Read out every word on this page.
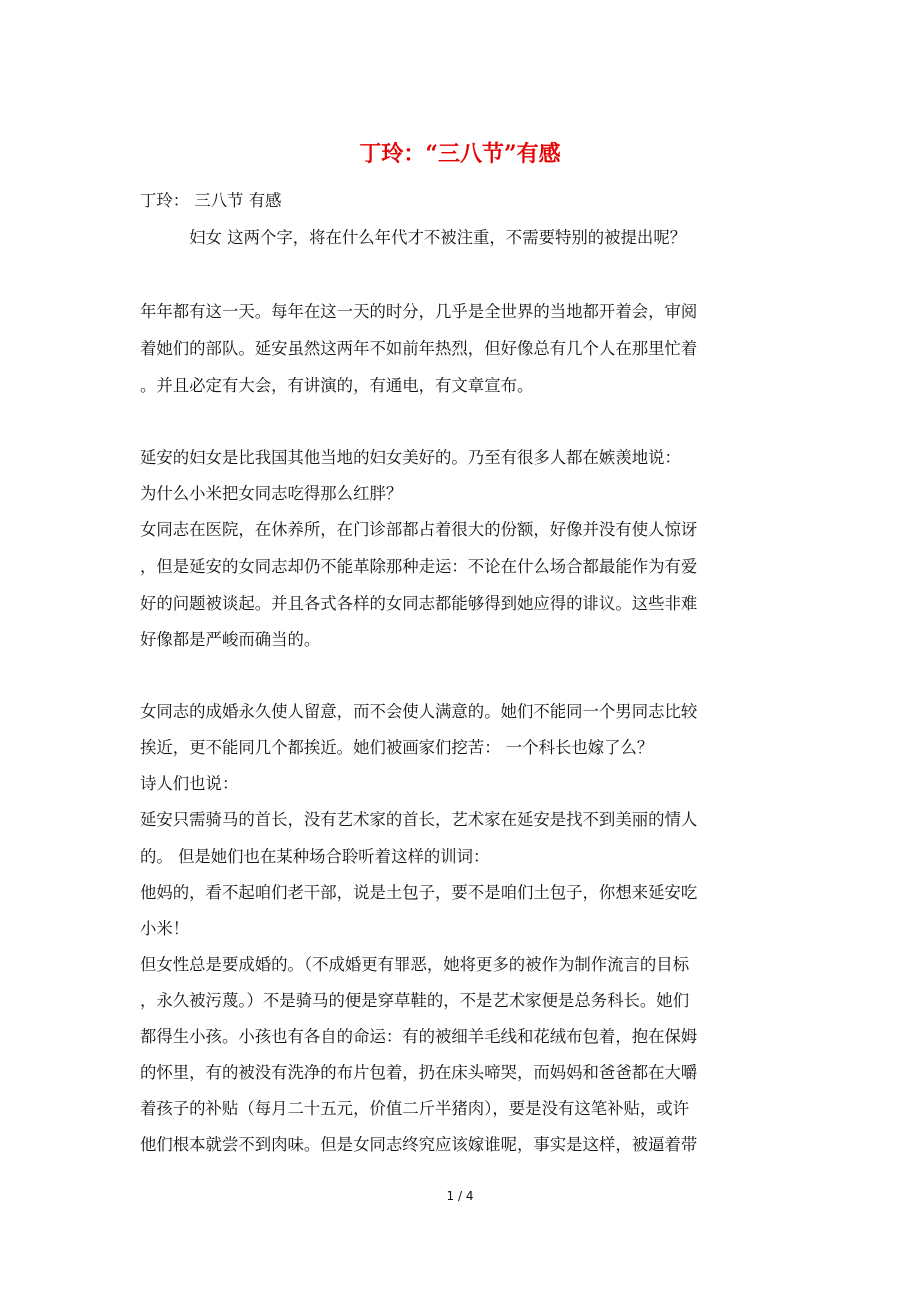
丁玲：“三八节”有感

丁玲： 三八节 有感

　　　妇女 这两个字，将在什么年代才不被注重，不需要特别的被提出呢？

年年都有这一天。每年在这一天的时分，几乎是全世界的当地都开着会，审阅

着她们的部队。延安虽然这两年不如前年热烈，但好像总有几个人在那里忙着

。并且必定有大会，有讲演的，有通电，有文章宣布。

延安的妇女是比我国其他当地的妇女美好的。乃至有很多人都在嫉羡地说：

为什么小米把女同志吃得那么红胖？

女同志在医院，在休养所，在门诊部都占着很大的份额，好像并没有使人惊讶

，但是延安的女同志却仍不能革除那种走运：不论在什么场合都最能作为有爱

好的问题被谈起。并且各式各样的女同志都能够得到她应得的诽议。这些非难

好像都是严峻而确当的。

女同志的成婚永久使人留意，而不会使人满意的。她们不能同一个男同志比较

挨近，更不能同几个都挨近。她们被画家们挖苦： 一个科长也嫁了么？

诗人们也说：

延安只需骑马的首长，没有艺术家的首长，艺术家在延安是找不到美丽的情人

的。 但是她们也在某种场合聆听着这样的训词：

他妈的，看不起咱们老干部，说是土包子，要不是咱们土包子，你想来延安吃

小米！

但女性总是要成婚的。（不成婚更有罪恶，她将更多的被作为制作流言的目标

，永久被污蔑。）不是骑马的便是穿草鞋的，不是艺术家便是总务科长。她们

都得生小孩。小孩也有各自的命运：有的被细羊毛线和花绒布包着，抱在保姆

的怀里，有的被没有洗净的布片包着，扔在床头啼哭，而妈妈和爸爸都在大嚼

着孩子的补贴（每月二十五元，价值二斤半猪肉），要是没有这笔补贴，或许

他们根本就尝不到肉味。但是女同志终究应该嫁谁呢，事实是这样，被逼着带

1 / 4
